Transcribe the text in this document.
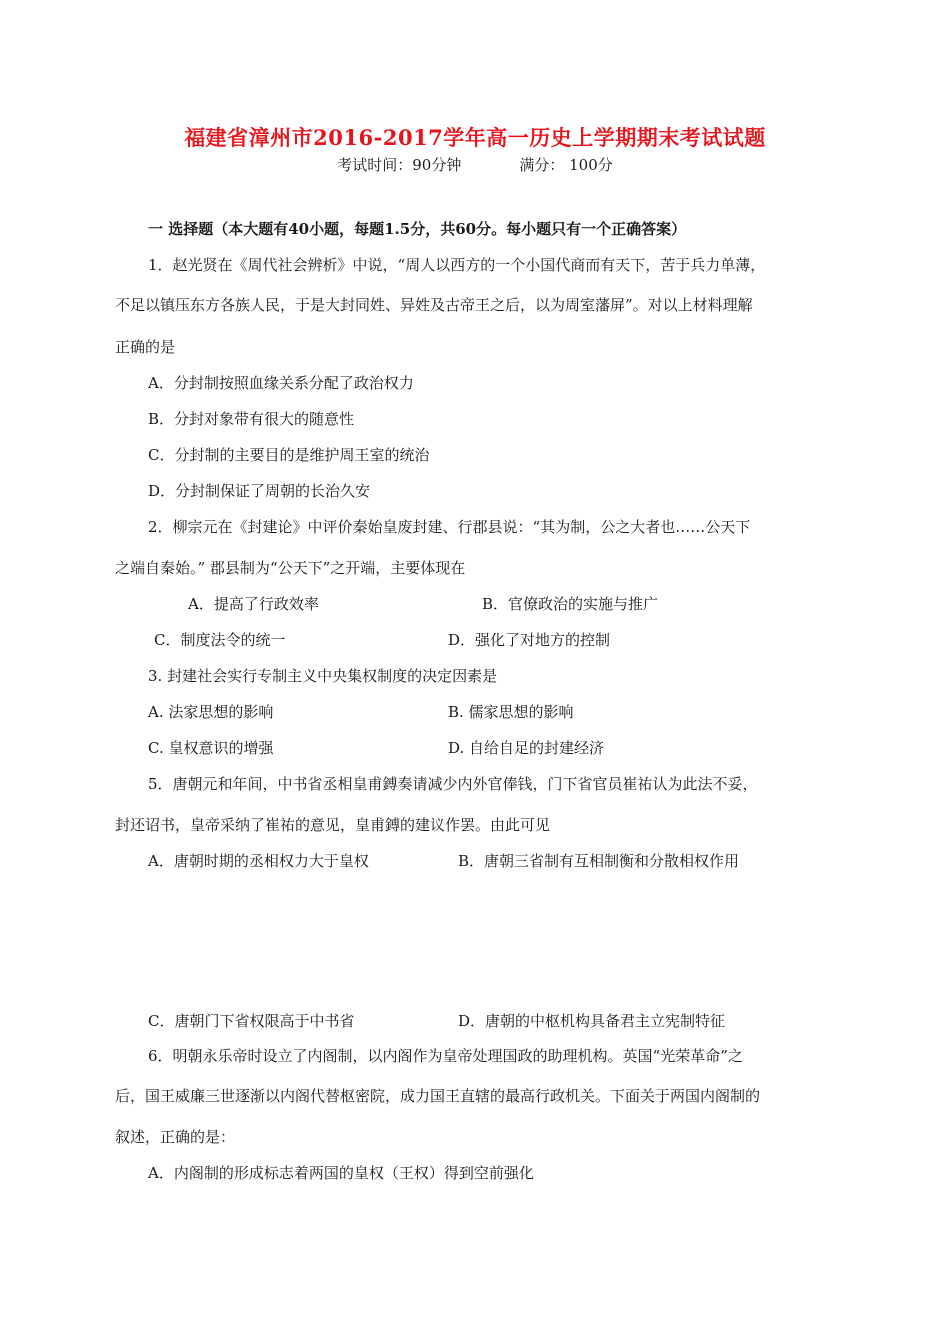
福建省漳州市2016-2017学年高一历史上学期期末考试试题
考试时间：90分钟	满分： 100分
一 选择题（本大题有40小题，每题1.5分，共60分。每小题只有一个正确答案）
1．赵光贤在《周代社会辨析》中说，“周人以西方的一个小国代商而有天下，苦于兵力单薄，
不足以镇压东方各族人民，于是大封同姓、异姓及古帝王之后，以为周室藩屏”。对以上材料理解
正确的是
A．分封制按照血缘关系分配了政治权力
B．分封对象带有很大的随意性
C．分封制的主要目的是维护周王室的统治
D．分封制保证了周朝的长治久安
2．柳宗元在《封建论》中评价秦始皇废封建、行郡县说：“其为制，公之大者也……公天下
之端自秦始。” 郡县制为“公天下”之开端，主要体现在
A．提高了行政效率	B．官僚政治的实施与推广
C．制度法令的统一	D．强化了对地方的控制
3. 封建社会实行专制主义中央集权制度的决定因素是
A. 法家思想的影响	B. 儒家思想的影响
C. 皇权意识的增强	D. 自给自足的封建经济
5．唐朝元和年间，中书省丞相皇甫鎛奏请减少内外官俸钱，门下省官员崔祐认为此法不妥，
封还诏书，皇帝采纳了崔祐的意见，皇甫鎛的建议作罢。由此可见
A．唐朝时期的丞相权力大于皇权	B．唐朝三省制有互相制衡和分散相权作用
C．唐朝门下省权限高于中书省	D．唐朝的中枢机构具备君主立宪制特征
6．明朝永乐帝时设立了内阁制，以内阁作为皇帝处理国政的助理机构。英国“光荣革命”之
后，国王威廉三世逐渐以内阁代替枢密院，成力国王直辖的最高行政机关。下面关于两国内阁制的
叙述，正确的是：
A．内阁制的形成标志着两国的皇权（王权）得到空前强化
